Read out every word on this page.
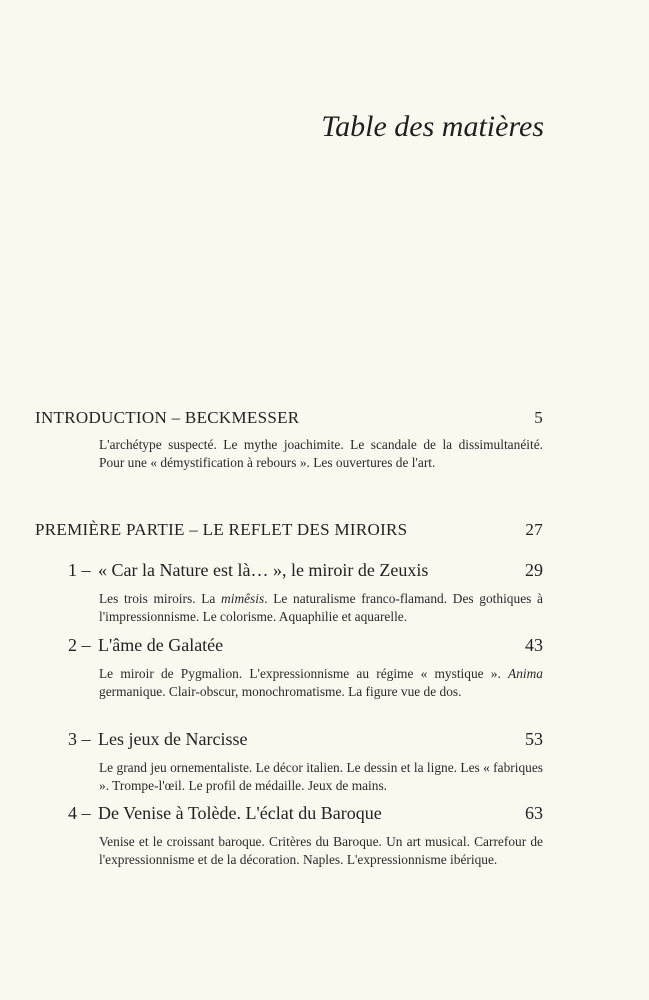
Table des matières
INTRODUCTION – BECKMESSER	5
L'archétype suspecté. Le mythe joachimite. Le scandale de la dissimultanéité. Pour une « démystification à rebours ». Les ouvertures de l'art.
PREMIÈRE PARTIE – LE REFLET DES MIROIRS	27
1 – « Car la Nature est là… », le miroir de Zeuxis	29
Les trois miroirs. La mimêsis. Le naturalisme franco-flamand. Des gothiques à l'impressionnisme. Le colorisme. Aquaphilie et aquarelle.
2 – L'âme de Galatée	43
Le miroir de Pygmalion. L'expressionnisme au régime « mystique ». Anima germanique. Clair-obscur, monochromatisme. La figure vue de dos.
3 – Les jeux de Narcisse	53
Le grand jeu ornementaliste. Le décor italien. Le dessin et la ligne. Les « fabriques ». Trompe-l'œil. Le profil de médaille. Jeux de mains.
4 – De Venise à Tolède. L'éclat du Baroque	63
Venise et le croissant baroque. Critères du Baroque. Un art musical. Carrefour de l'expressionnisme et de la décoration. Naples. L'expressionnisme ibérique.
